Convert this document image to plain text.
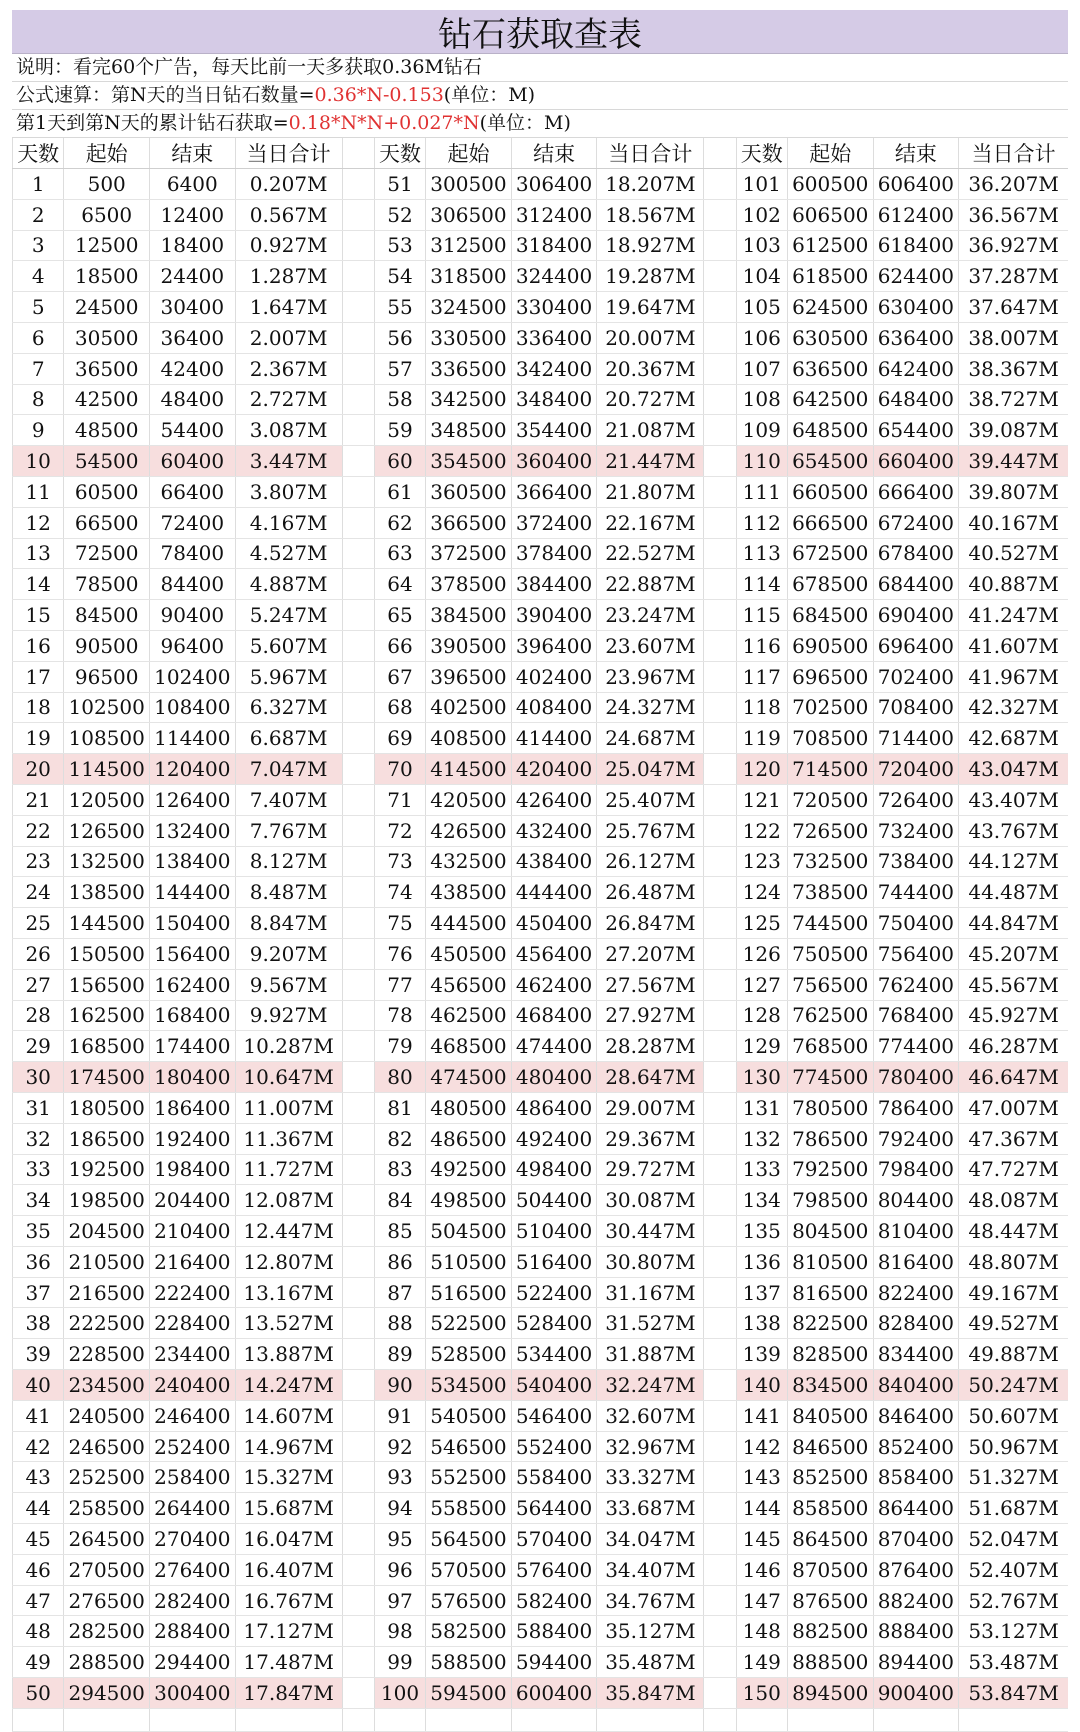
钻石获取查表
说明：看完60个广告，每天比前一天多获取0.36M钻石
公式速算：第N天的当日钻石数量=0.36*N-0.153(单位：M)
第1天到第N天的累计钻石获取=0.18*N*N+0.027*N(单位：M)
天数	起始	结束	当日合计		天数	起始	结束	当日合计		天数	起始	结束	当日合计
1	500	6400	0.207M		51	300500	306400	18.207M		101	600500	606400	36.207M
2	6500	12400	0.567M		52	306500	312400	18.567M		102	606500	612400	36.567M
3	12500	18400	0.927M		53	312500	318400	18.927M		103	612500	618400	36.927M
4	18500	24400	1.287M		54	318500	324400	19.287M		104	618500	624400	37.287M
5	24500	30400	1.647M		55	324500	330400	19.647M		105	624500	630400	37.647M
6	30500	36400	2.007M		56	330500	336400	20.007M		106	630500	636400	38.007M
7	36500	42400	2.367M		57	336500	342400	20.367M		107	636500	642400	38.367M
8	42500	48400	2.727M		58	342500	348400	20.727M		108	642500	648400	38.727M
9	48500	54400	3.087M		59	348500	354400	21.087M		109	648500	654400	39.087M
10	54500	60400	3.447M		60	354500	360400	21.447M		110	654500	660400	39.447M
11	60500	66400	3.807M		61	360500	366400	21.807M		111	660500	666400	39.807M
12	66500	72400	4.167M		62	366500	372400	22.167M		112	666500	672400	40.167M
13	72500	78400	4.527M		63	372500	378400	22.527M		113	672500	678400	40.527M
14	78500	84400	4.887M		64	378500	384400	22.887M		114	678500	684400	40.887M
15	84500	90400	5.247M		65	384500	390400	23.247M		115	684500	690400	41.247M
16	90500	96400	5.607M		66	390500	396400	23.607M		116	690500	696400	41.607M
17	96500	102400	5.967M		67	396500	402400	23.967M		117	696500	702400	41.967M
18	102500	108400	6.327M		68	402500	408400	24.327M		118	702500	708400	42.327M
19	108500	114400	6.687M		69	408500	414400	24.687M		119	708500	714400	42.687M
20	114500	120400	7.047M		70	414500	420400	25.047M		120	714500	720400	43.047M
21	120500	126400	7.407M		71	420500	426400	25.407M		121	720500	726400	43.407M
22	126500	132400	7.767M		72	426500	432400	25.767M		122	726500	732400	43.767M
23	132500	138400	8.127M		73	432500	438400	26.127M		123	732500	738400	44.127M
24	138500	144400	8.487M		74	438500	444400	26.487M		124	738500	744400	44.487M
25	144500	150400	8.847M		75	444500	450400	26.847M		125	744500	750400	44.847M
26	150500	156400	9.207M		76	450500	456400	27.207M		126	750500	756400	45.207M
27	156500	162400	9.567M		77	456500	462400	27.567M		127	756500	762400	45.567M
28	162500	168400	9.927M		78	462500	468400	27.927M		128	762500	768400	45.927M
29	168500	174400	10.287M		79	468500	474400	28.287M		129	768500	774400	46.287M
30	174500	180400	10.647M		80	474500	480400	28.647M		130	774500	780400	46.647M
31	180500	186400	11.007M		81	480500	486400	29.007M		131	780500	786400	47.007M
32	186500	192400	11.367M		82	486500	492400	29.367M		132	786500	792400	47.367M
33	192500	198400	11.727M		83	492500	498400	29.727M		133	792500	798400	47.727M
34	198500	204400	12.087M		84	498500	504400	30.087M		134	798500	804400	48.087M
35	204500	210400	12.447M		85	504500	510400	30.447M		135	804500	810400	48.447M
36	210500	216400	12.807M		86	510500	516400	30.807M		136	810500	816400	48.807M
37	216500	222400	13.167M		87	516500	522400	31.167M		137	816500	822400	49.167M
38	222500	228400	13.527M		88	522500	528400	31.527M		138	822500	828400	49.527M
39	228500	234400	13.887M		89	528500	534400	31.887M		139	828500	834400	49.887M
40	234500	240400	14.247M		90	534500	540400	32.247M		140	834500	840400	50.247M
41	240500	246400	14.607M		91	540500	546400	32.607M		141	840500	846400	50.607M
42	246500	252400	14.967M		92	546500	552400	32.967M		142	846500	852400	50.967M
43	252500	258400	15.327M		93	552500	558400	33.327M		143	852500	858400	51.327M
44	258500	264400	15.687M		94	558500	564400	33.687M		144	858500	864400	51.687M
45	264500	270400	16.047M		95	564500	570400	34.047M		145	864500	870400	52.047M
46	270500	276400	16.407M		96	570500	576400	34.407M		146	870500	876400	52.407M
47	276500	282400	16.767M		97	576500	582400	34.767M		147	876500	882400	52.767M
48	282500	288400	17.127M		98	582500	588400	35.127M		148	882500	888400	53.127M
49	288500	294400	17.487M		99	588500	594400	35.487M		149	888500	894400	53.487M
50	294500	300400	17.847M		100	594500	600400	35.847M		150	894500	900400	53.847M
